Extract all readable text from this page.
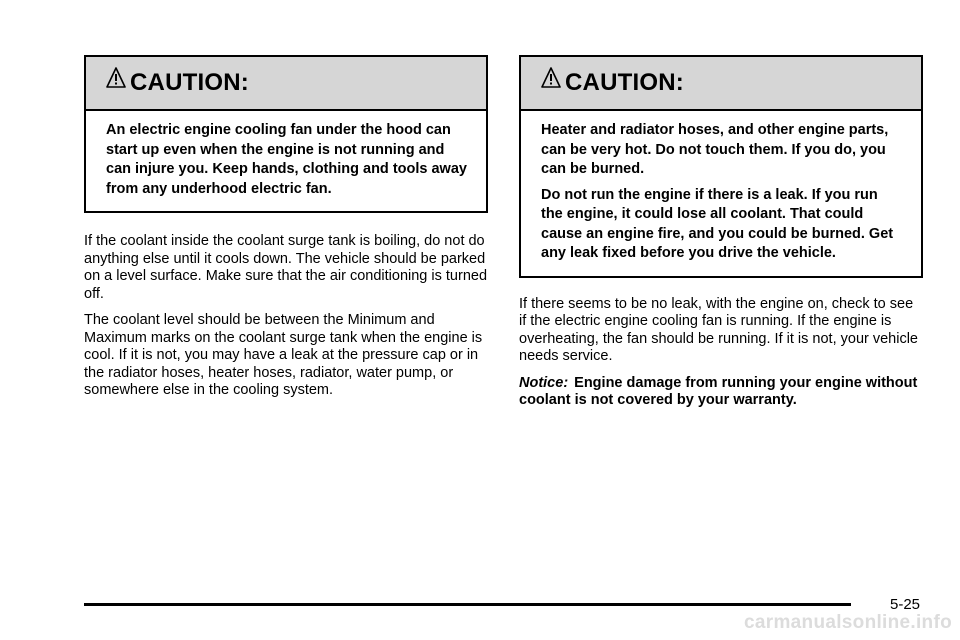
CAUTION:

An electric engine cooling fan under the hood can start up even when the engine is not running and can injure you. Keep hands, clothing and tools away from any underhood electric fan.

If the coolant inside the coolant surge tank is boiling, do not do anything else until it cools down. The vehicle should be parked on a level surface. Make sure that the air conditioning is turned off.

The coolant level should be between the Minimum and Maximum marks on the coolant surge tank when the engine is cool. If it is not, you may have a leak at the pressure cap or in the radiator hoses, heater hoses, radiator, water pump, or somewhere else in the cooling system.

CAUTION:

Heater and radiator hoses, and other engine parts, can be very hot. Do not touch them. If you do, you can be burned.

Do not run the engine if there is a leak. If you run the engine, it could lose all coolant. That could cause an engine fire, and you could be burned. Get any leak fixed before you drive the vehicle.

If there seems to be no leak, with the engine on, check to see if the electric engine cooling fan is running. If the engine is overheating, the fan should be running. If it is not, your vehicle needs service.

Notice: Engine damage from running your engine without coolant is not covered by your warranty.

5-25
carmanualsonline.info
